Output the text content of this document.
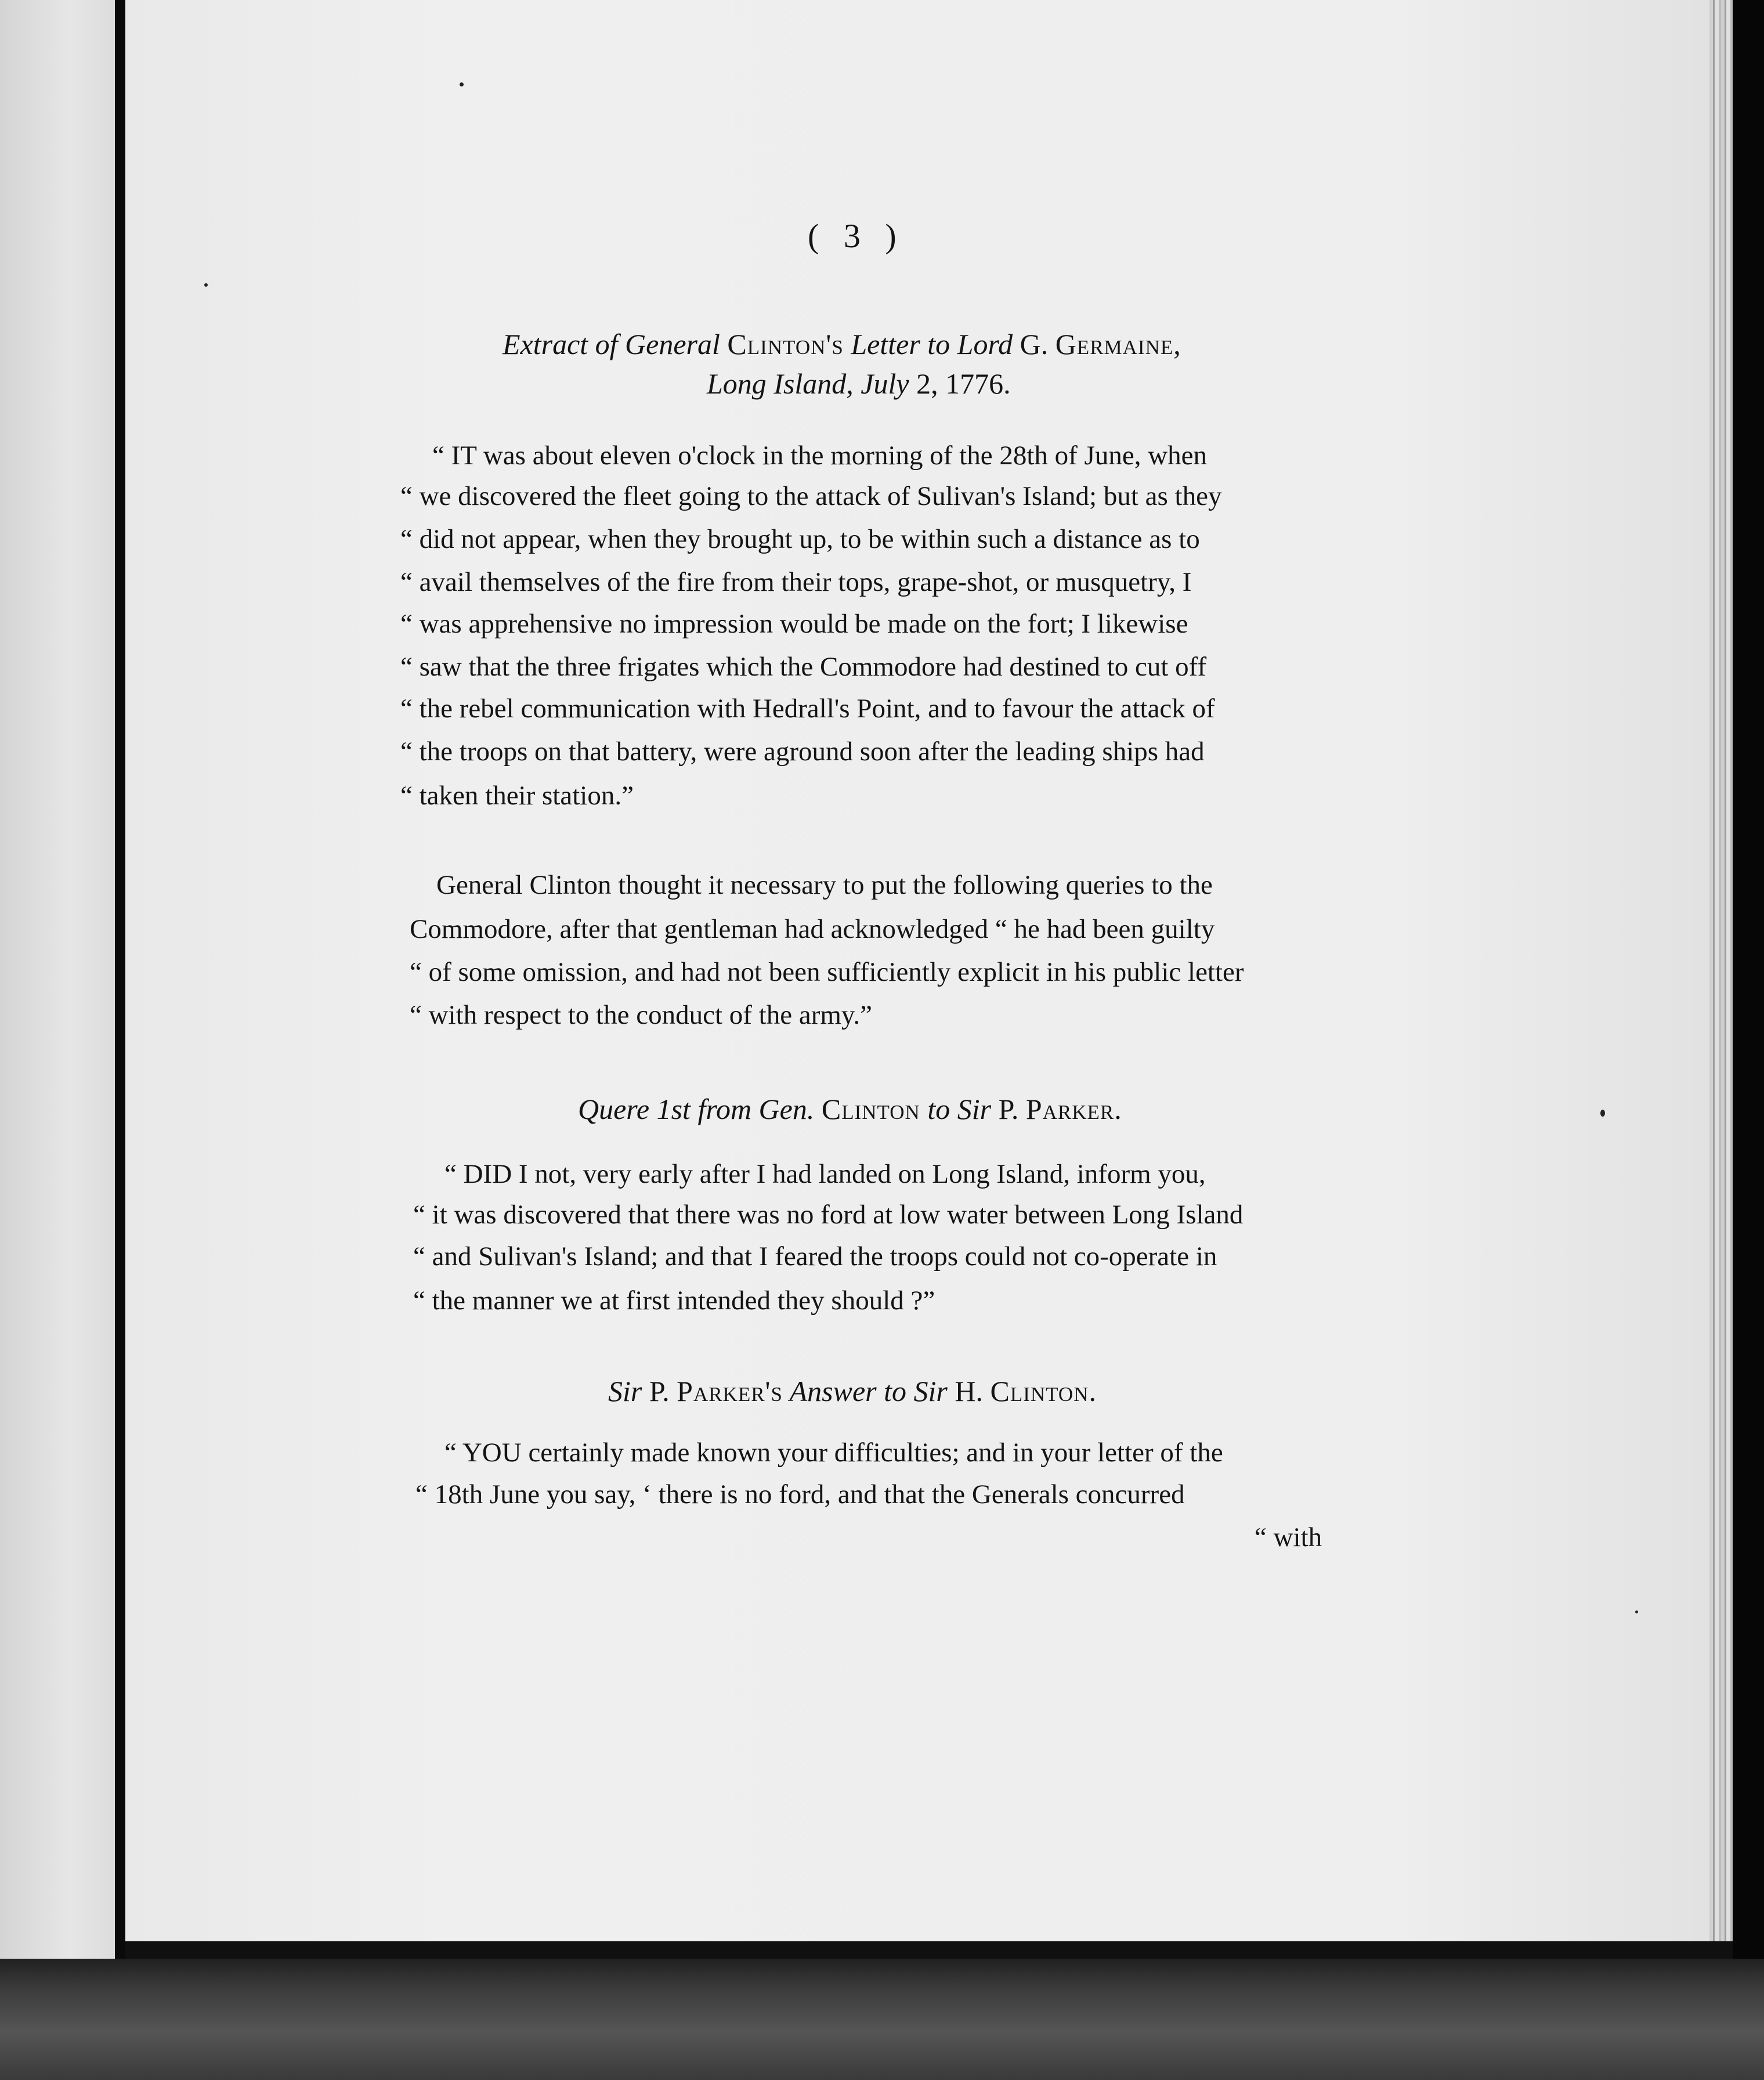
( 3 )
Extract of General Clinton's Letter to Lord G. Germaine,
Long Island, July 2, 1776.
“ IT was about eleven o'clock in the morning of the 28th of June, when
“ we discovered the fleet going to the attack of Sulivan's Island; but as they
“ did not appear, when they brought up, to be within such a distance as to
“ avail themselves of the fire from their tops, grape-shot, or musquetry, I
“ was apprehensive no impression would be made on the fort; I likewise
“ saw that the three frigates which the Commodore had destined to cut off
“ the rebel communication with Hedrall's Point, and to favour the attack of
“ the troops on that battery, were aground soon after the leading ships had
“ taken their station.”
General Clinton thought it necessary to put the following queries to the
Commodore, after that gentleman had acknowledged “ he had been guilty
“ of some omission, and had not been sufficiently explicit in his public letter
“ with respect to the conduct of the army.”
Quere 1st from Gen. Clinton to Sir P. Parker.
“ DID I not, very early after I had landed on Long Island, inform you,
“ it was discovered that there was no ford at low water between Long Island
“ and Sulivan's Island; and that I feared the troops could not co-operate in
“ the manner we at first intended they should ?”
Sir P. Parker's Answer to Sir H. Clinton.
“ YOU certainly made known your difficulties; and in your letter of the
“ 18th June you say, ‘ there is no ford, and that the Generals concurred
“ with
